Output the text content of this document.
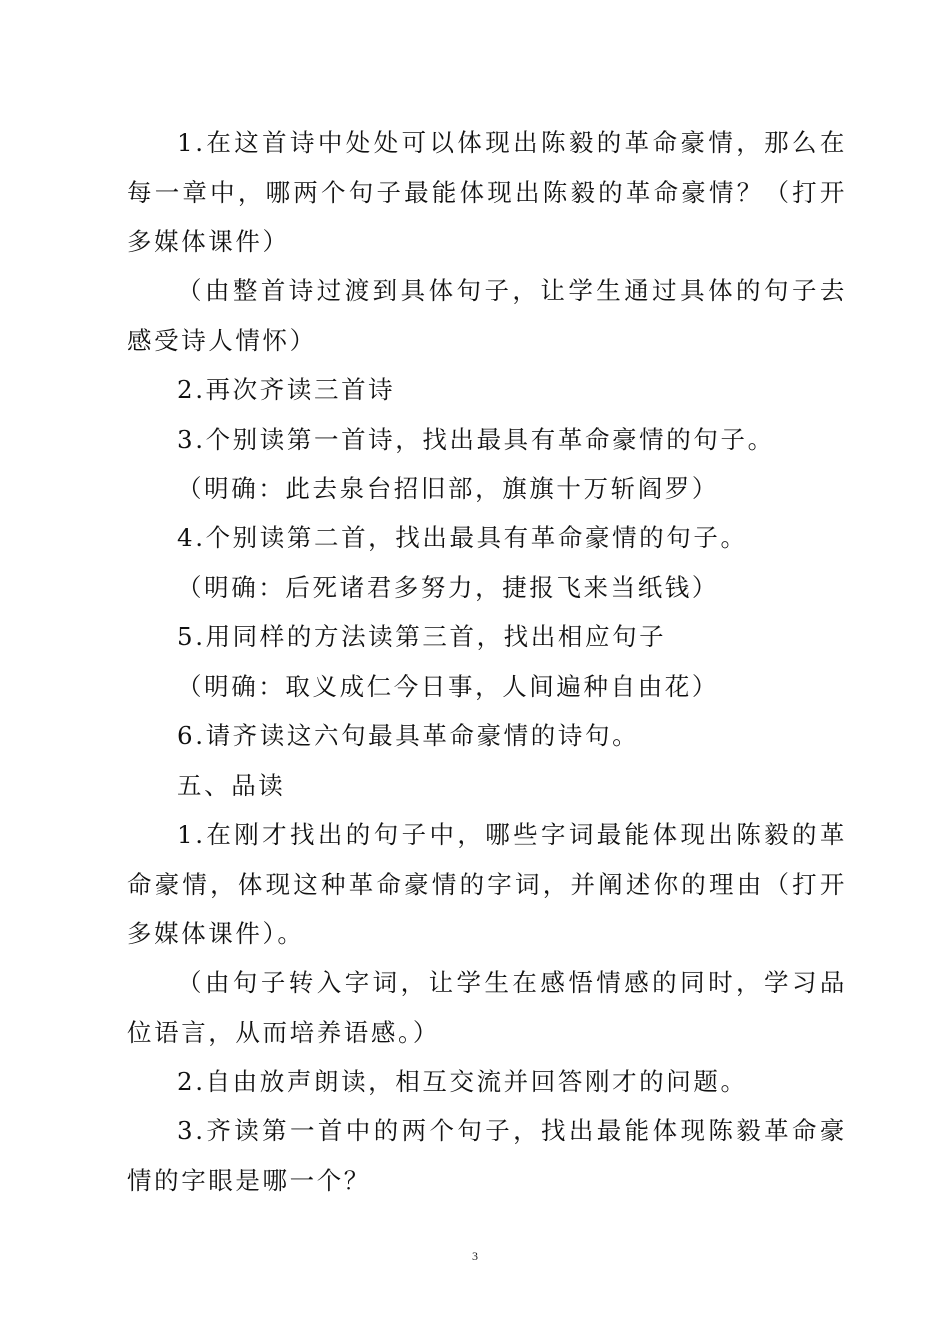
1.在这首诗中处处可以体现出陈毅的革命豪情，那么在每一章中，哪两个句子最能体现出陈毅的革命豪情？（打开多媒体课件）

（由整首诗过渡到具体句子，让学生通过具体的句子去感受诗人情怀）

2.再次齐读三首诗

3.个别读第一首诗，找出最具有革命豪情的句子。

（明确：此去泉台招旧部，旗旗十万斩阎罗）

4.个别读第二首，找出最具有革命豪情的句子。

（明确：后死诸君多努力，捷报飞来当纸钱）

5.用同样的方法读第三首，找出相应句子

（明确：取义成仁今日事，人间遍种自由花）

6.请齐读这六句最具革命豪情的诗句。

五、品读

1.在刚才找出的句子中，哪些字词最能体现出陈毅的革命豪情，体现这种革命豪情的字词，并阐述你的理由（打开多媒体课件）。

（由句子转入字词，让学生在感悟情感的同时，学习品位语言，从而培养语感。）

2.自由放声朗读，相互交流并回答刚才的问题。

3.齐读第一首中的两个句子，找出最能体现陈毅革命豪情的字眼是哪一个？

3
